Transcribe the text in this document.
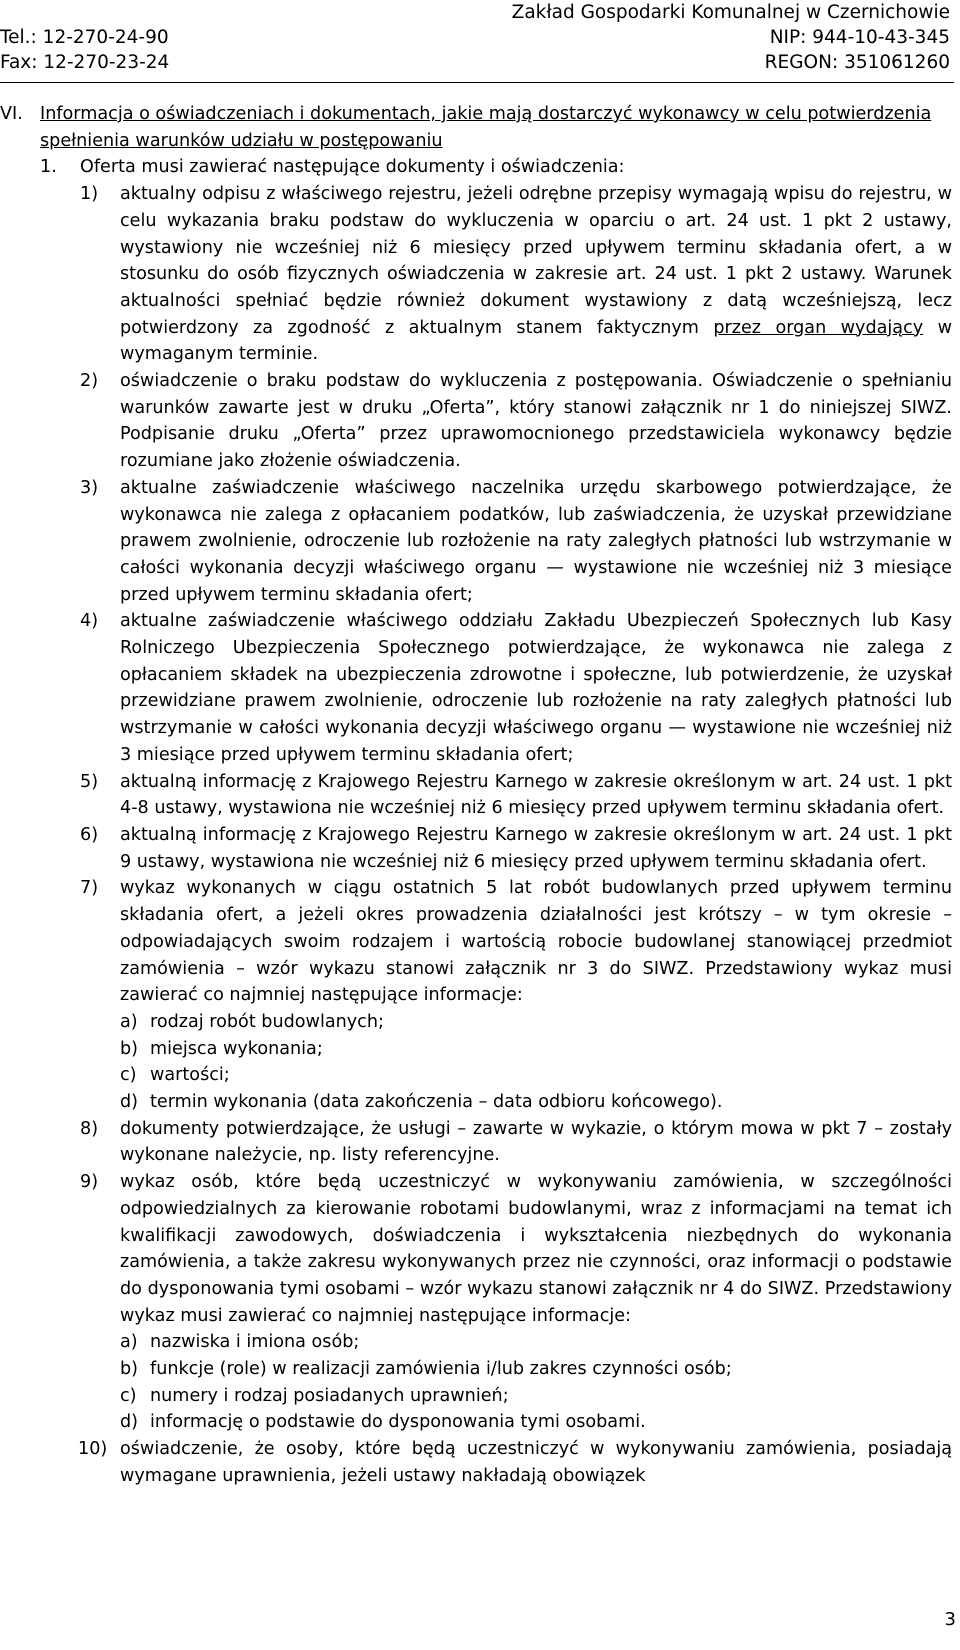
Zakład Gospodarki Komunalnej w Czernichowie
Tel.: 12-270-24-90	NIP: 944-10-43-345
Fax: 12-270-23-24	REGON: 351061260
VI. Informacja o oświadczeniach i dokumentach, jakie mają dostarczyć wykonawcy w celu potwierdzenia spełnienia warunków udziału w postępowaniu
1. Oferta musi zawierać następujące dokumenty i oświadczenia:
1) aktualny odpisu z właściwego rejestru, jeżeli odrębne przepisy wymagają wpisu do rejestru, w celu wykazania braku podstaw do wykluczenia w oparciu o art. 24 ust. 1 pkt 2 ustawy, wystawiony nie wcześniej niż 6 miesięcy przed upływem terminu składania ofert, a w stosunku do osób fizycznych oświadczenia w zakresie art. 24 ust. 1 pkt 2 ustawy. Warunek aktualności spełniać będzie również dokument wystawiony z datą wcześniejszą, lecz potwierdzony za zgodność z aktualnym stanem faktycznym przez organ wydający w wymaganym terminie.
2) oświadczenie o braku podstaw do wykluczenia z postępowania. Oświadczenie o spełnianiu warunków zawarte jest w druku „Oferta”, który stanowi załącznik nr 1 do niniejszej SIWZ. Podpisanie druku „Oferta” przez uprawomocnionego przedstawiciela wykonawcy będzie rozumiane jako złożenie oświadczenia.
3) aktualne zaświadczenie właściwego naczelnika urzędu skarbowego potwierdzające, że wykonawca nie zalega z opłacaniem podatków, lub zaświadczenia, że uzyskał przewidziane prawem zwolnienie, odroczenie lub rozłożenie na raty zaległych płatności lub wstrzymanie w całości wykonania decyzji właściwego organu — wystawione nie wcześniej niż 3 miesiące przed upływem terminu składania ofert;
4) aktualne zaświadczenie właściwego oddziału Zakładu Ubezpieczeń Społecznych lub Kasy Rolniczego Ubezpieczenia Społecznego potwierdzające, że wykonawca nie zalega z opłacaniem składek na ubezpieczenia zdrowotne i społeczne, lub potwierdzenie, że uzyskał przewidziane prawem zwolnienie, odroczenie lub rozłożenie na raty zaległych płatności lub wstrzymanie w całości wykonania decyzji właściwego organu — wystawione nie wcześniej niż 3 miesiące przed upływem terminu składania ofert;
5) aktualną informację z Krajowego Rejestru Karnego w zakresie określonym w art. 24 ust. 1 pkt 4-8 ustawy, wystawiona nie wcześniej niż 6 miesięcy przed upływem terminu składania ofert.
6) aktualną informację z Krajowego Rejestru Karnego w zakresie określonym w art. 24 ust. 1 pkt 9 ustawy, wystawiona nie wcześniej niż 6 miesięcy przed upływem terminu składania ofert.
7) wykaz wykonanych w ciągu ostatnich 5 lat robót budowlanych przed upływem terminu składania ofert, a jeżeli okres prowadzenia działalności jest krótszy – w tym okresie – odpowiadających swoim rodzajem i wartością robocie budowlanej stanowiącej przedmiot zamówienia – wzór wykazu stanowi załącznik nr 3 do SIWZ. Przedstawiony wykaz musi zawierać co najmniej następujące informacje:
a) rodzaj robót budowlanych;
b) miejsca wykonania;
c) wartości;
d) termin wykonania (data zakończenia – data odbioru końcowego).
8) dokumenty potwierdzające, że usługi – zawarte w wykazie, o którym mowa w pkt 7 – zostały wykonane należycie, np. listy referencyjne.
9) wykaz osób, które będą uczestniczyć w wykonywaniu zamówienia, w szczególności odpowiedzialnych za kierowanie robotami budowlanymi, wraz z informacjami na temat ich kwalifikacji zawodowych, doświadczenia i wykształcenia niezbędnych do wykonania zamówienia, a także zakresu wykonywanych przez nie czynności, oraz informacji o podstawie do dysponowania tymi osobami – wzór wykazu stanowi załącznik nr 4 do SIWZ. Przedstawiony wykaz musi zawierać co najmniej następujące informacje:
a) nazwiska i imiona osób;
b) funkcje (role) w realizacji zamówienia i/lub zakres czynności osób;
c) numery i rodzaj posiadanych uprawnień;
d) informację o podstawie do dysponowania tymi osobami.
10) oświadczenie, że osoby, które będą uczestniczyć w wykonywaniu zamówienia, posiadają wymagane uprawnienia, jeżeli ustawy nakładają obowiązek
3
